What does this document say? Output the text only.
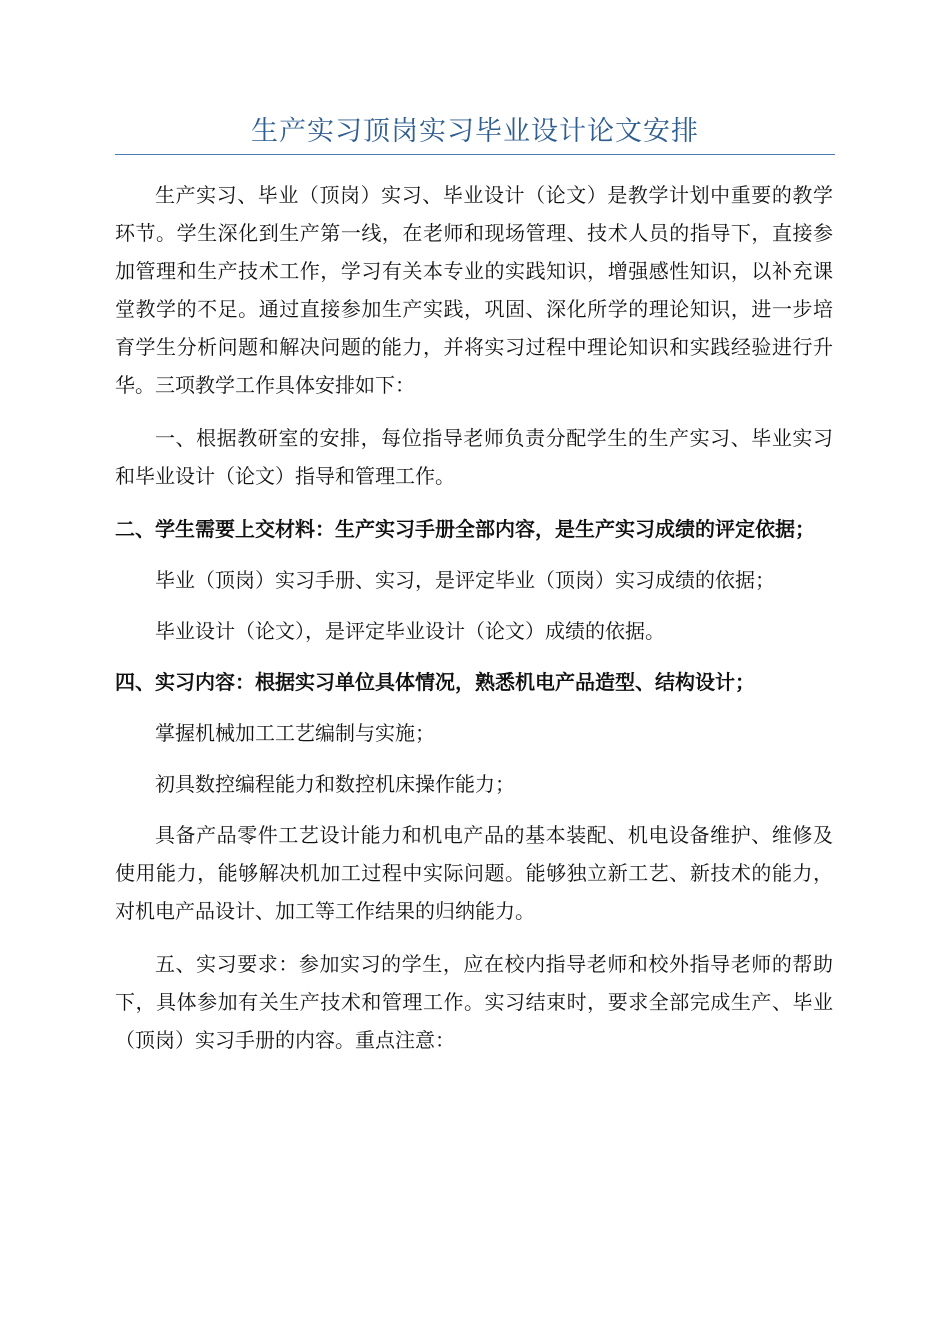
生产实习顶岗实习毕业设计论文安排

生产实习、毕业（顶岗）实习、毕业设计（论文）是教学计划中重要的教学环节。学生深化到生产第一线，在老师和现场管理、技术人员的指导下，直接参加管理和生产技术工作，学习有关本专业的实践知识，增强感性知识，以补充课堂教学的不足。通过直接参加生产实践，巩固、深化所学的理论知识，进一步培育学生分析问题和解决问题的能力，并将实习过程中理论知识和实践经验进行升华。三项教学工作具体安排如下：

一、根据教研室的安排，每位指导老师负责分配学生的生产实习、毕业实习和毕业设计（论文）指导和管理工作。

二、学生需要上交材料：生产实习手册全部内容，是生产实习成绩的评定依据；

毕业（顶岗）实习手册、实习，是评定毕业（顶岗）实习成绩的依据；

毕业设计（论文），是评定毕业设计（论文）成绩的依据。

四、实习内容：根据实习单位具体情况，熟悉机电产品造型、结构设计；

掌握机械加工工艺编制与实施；

初具数控编程能力和数控机床操作能力；

具备产品零件工艺设计能力和机电产品的基本装配、机电设备维护、维修及使用能力，能够解决机加工过程中实际问题。能够独立新工艺、新技术的能力，对机电产品设计、加工等工作结果的归纳能力。

五、实习要求：参加实习的学生，应在校内指导老师和校外指导老师的帮助下，具体参加有关生产技术和管理工作。实习结束时，要求全部完成生产、毕业（顶岗）实习手册的内容。重点注意：
